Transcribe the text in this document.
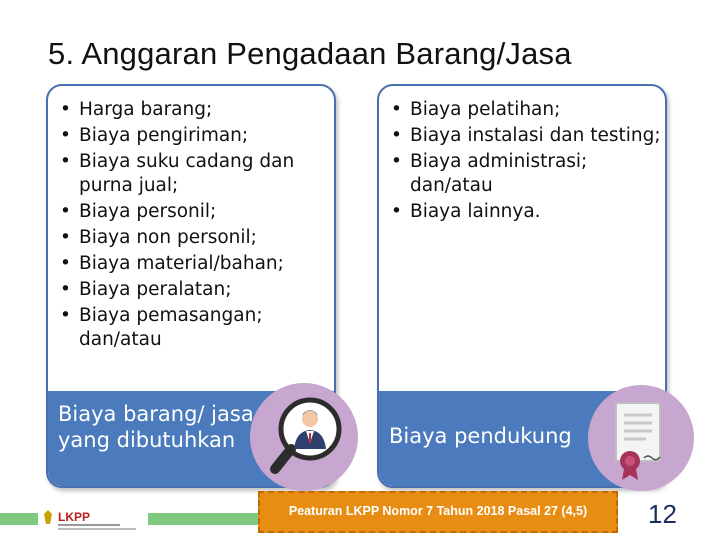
5. Anggaran Pengadaan Barang/Jasa
• Harga barang;
• Biaya pengiriman;
• Biaya suku cadang dan purna jual;
• Biaya personil;
• Biaya non personil;
• Biaya material/bahan;
• Biaya peralatan;
• Biaya pemasangan; dan/atau
Biaya barang/ jasa yang dibutuhkan
• Biaya pelatihan;
• Biaya instalasi dan testing;
• Biaya administrasi; dan/atau
• Biaya lainnya.
Biaya pendukung
LKPP	Peaturan LKPP Nomor 7 Tahun 2018 Pasal 27 (4,5)	12
